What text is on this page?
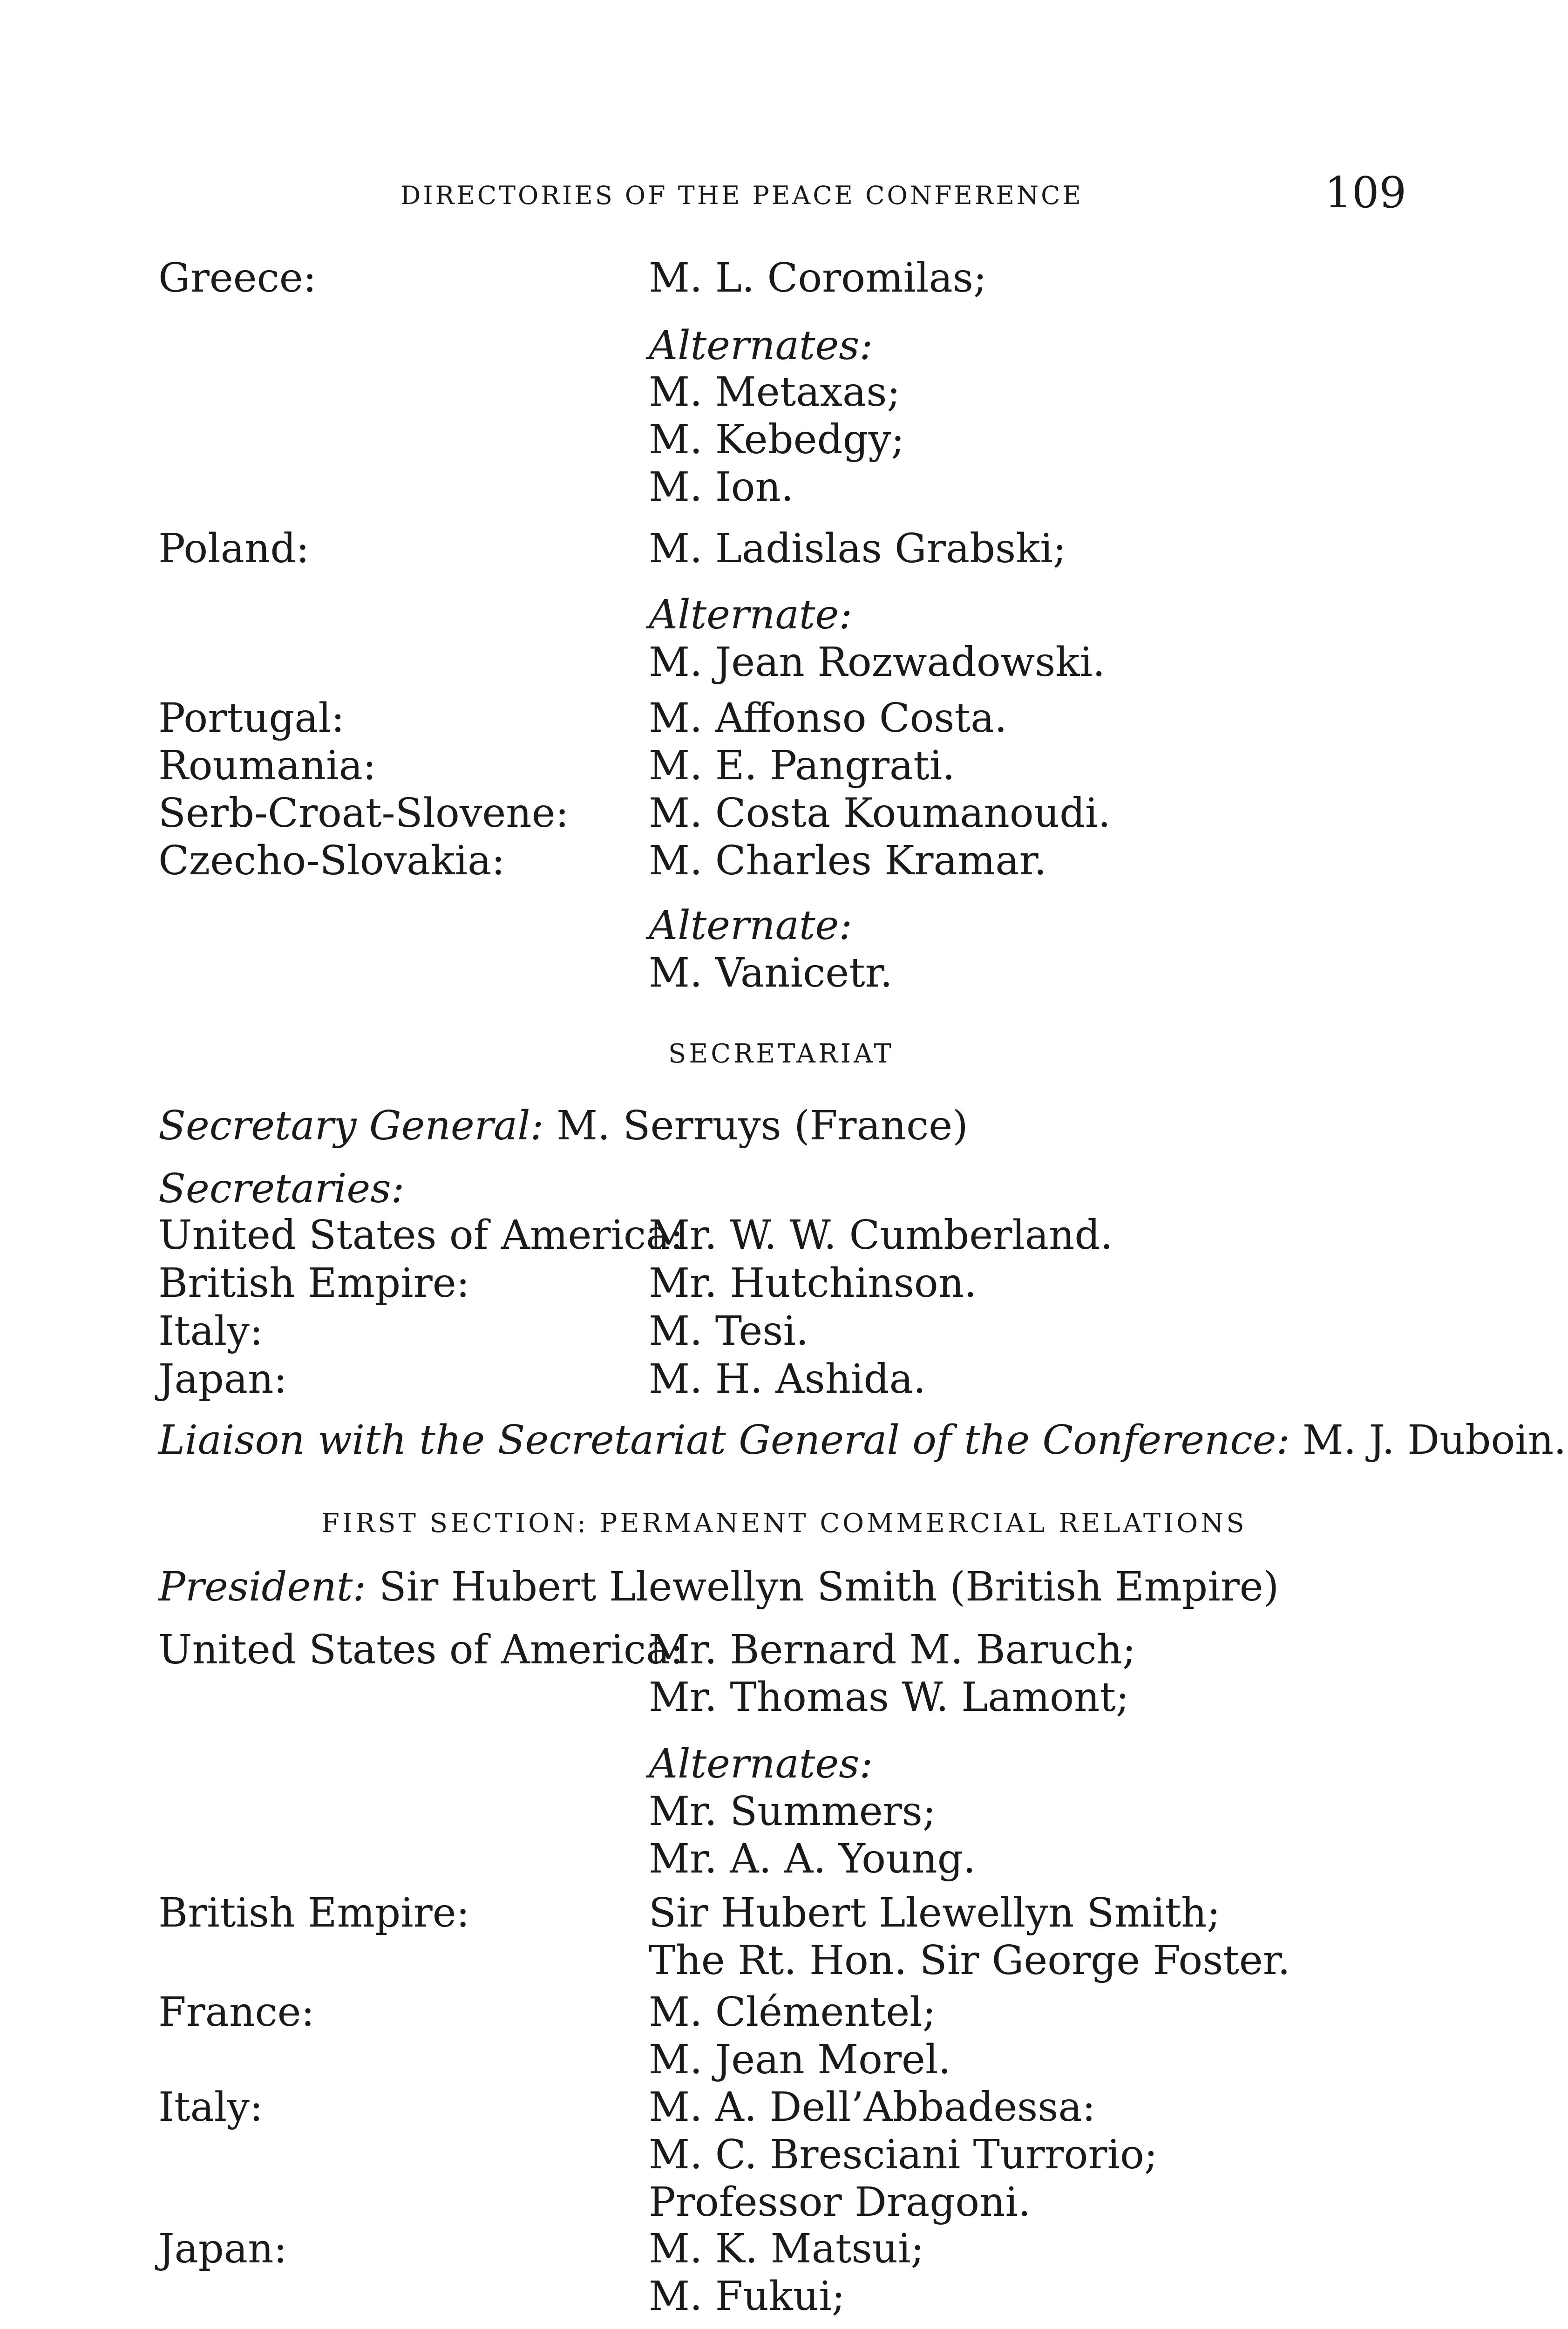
DIRECTORIES OF THE PEACE CONFERENCE	109
Greece:	M. L. Coromilas;
Alternates:
M. Metaxas;
M. Kebedgy;
M. Ion.
Poland:	M. Ladislas Grabski;
Alternate:
M. Jean Rozwadowski.
Portugal:	M. Affonso Costa.
Roumania:	M. E. Pangrati.
Serb-Croat-Slovene: M. Costa Koumanoudi.
Czecho-Slovakia:	M. Charles Kramar.
Alternate:
M. Vanicetr.
SECRETARIAT
Secretary General: M. Serruys (France)
Secretaries:
United States of America:
Mr. W. W. Cumberland.
British Empire:	Mr. Hutchinson.
Italy:	M. Tesi.
Japan:	M. H. Ashida.
Liaison with the Secretariat General of the Conference: M. J. Duboin.
FIRST SECTION: PERMANENT COMMERCIAL RELATIONS
President: Sir Hubert Llewellyn Smith (British Empire)
United States of America:
Mr. Bernard M. Baruch;
Mr. Thomas W. Lamont;
Alternates:
Mr. Summers;
Mr. A. A. Young.
British Empire:	Sir Hubert Llewellyn Smith;
The Rt. Hon. Sir George Foster.
France:	M. Clémentel;
M. Jean Morel.
Italy:	M. A. Dell’Abbadessa:
M. C. Bresciani Turrorio;
Professor Dragoni.
Japan:	M. K. Matsui;
M. Fukui;
